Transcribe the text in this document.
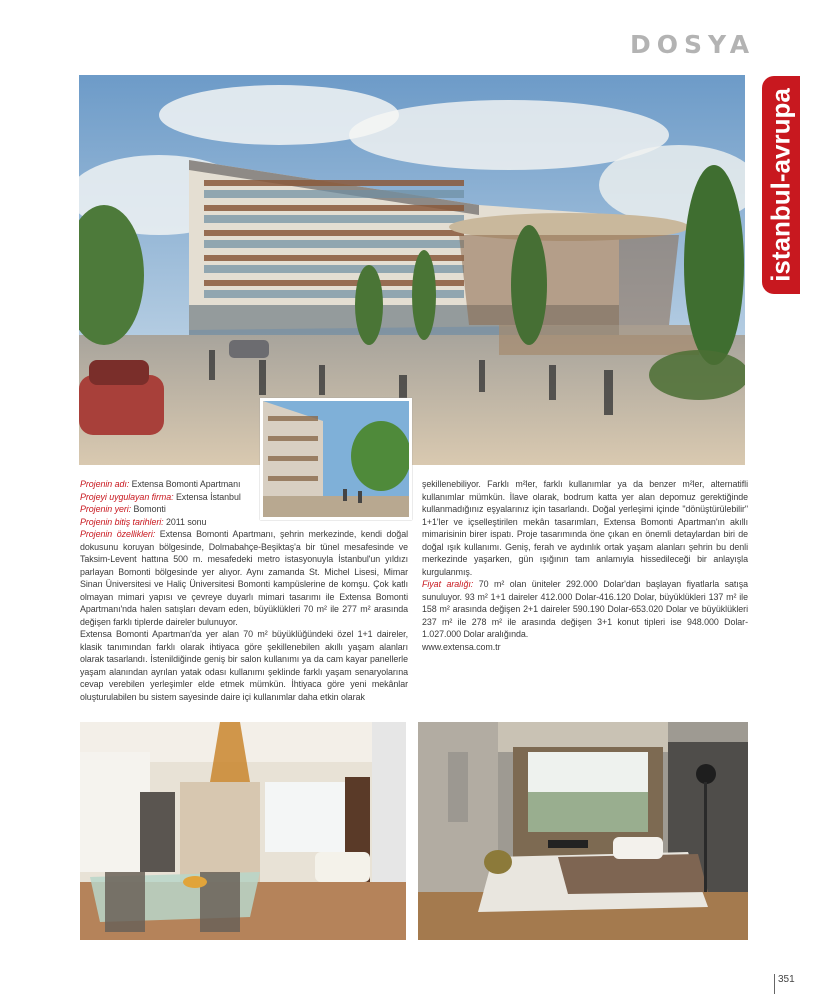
DOSYA
istanbul-avrupa

Projenin adı: Extensa Bomonti Apartmanı

Projeyi uygulayan firma: Extensa İstanbul

Projenin yeri: Bomonti

Projenin bitiş tarihleri: 2011 sonu

Projenin özellikleri: Extensa Bomonti Apartmanı, şehrin merkezinde, kendi doğal dokusunu koruyan bölgesinde, Dolmabahçe-Beşiktaş'a bir tünel mesafesinde ve Taksim-Levent hattına 500 m. mesafedeki metro istasyonuyla İstanbul'un yıldızı parlayan Bomonti bölgesinde yer alıyor. Aynı zamanda St. Michel Lisesi, Mimar Sinan Üniversitesi ve Haliç Üniversitesi Bomonti kampüslerine de komşu. Çok katlı olmayan mimari yapısı ve çevreye duyarlı mimari tasarımı ile Extensa Bomonti Apartmanı'nda halen satışları devam eden, büyüklükleri 70 m² ile 277 m² arasında değişen farklı tiplerde daireler bulunuyor.

Extensa Bomonti Apartman'da yer alan 70 m² büyüklüğündeki özel 1+1 daireler, klasik tanımından farklı olarak ihtiyaca göre şekillenebilen akıllı yaşam alanları olarak tasarlandı. İstenildiğinde geniş bir salon kullanımı ya da cam kayar panellerle yaşam alanından ayrılan yatak odası kullanımı şeklinde farklı yaşam senaryolarına cevap verebilen yerleşimler elde etmek mümkün. İhtiyaca göre yeni mekânlar oluşturulabilen bu sistem sayesinde daire içi kullanımlar daha etkin olarak

şekillenebiliyor. Farklı m²ler, farklı kullanımlar ya da benzer m²ler, alternatifli kullanımlar mümkün. İlave olarak, bodrum katta yer alan depomuz gerektiğinde kullanmadığınız eşyalarınız için tasarlandı. Doğal yerleşimi içinde "dönüştürülebilir" 1+1'ler ve içselleştirilen mekân tasarımları, Extensa Bomonti Apartman'ın akıllı mimarisinin birer ispatı. Proje tasarımında öne çıkan en önemli detaylardan biri de doğal ışık kullanımı. Geniş, ferah ve aydınlık ortak yaşam alanları şehrin bu denli merkezinde yaşarken, gün ışığının tam anlamıyla hissedileceği bir anlayışla kurgulanmış.

Fiyat aralığı: 70 m² olan üniteler 292.000 Dolar'dan başlayan fiyatlarla satışa sunuluyor. 93 m² 1+1 daireler 412.000 Dolar-416.120 Dolar, büyüklükleri 137 m² ile 158 m² arasında değişen 2+1 daireler 590.190 Dolar-653.020 Dolar ve büyüklükleri 237 m² ile 278 m² ile arasında değişen 3+1 konut tipleri ise 948.000 Dolar-1.027.000 Dolar aralığında.

www.extensa.com.tr

351
